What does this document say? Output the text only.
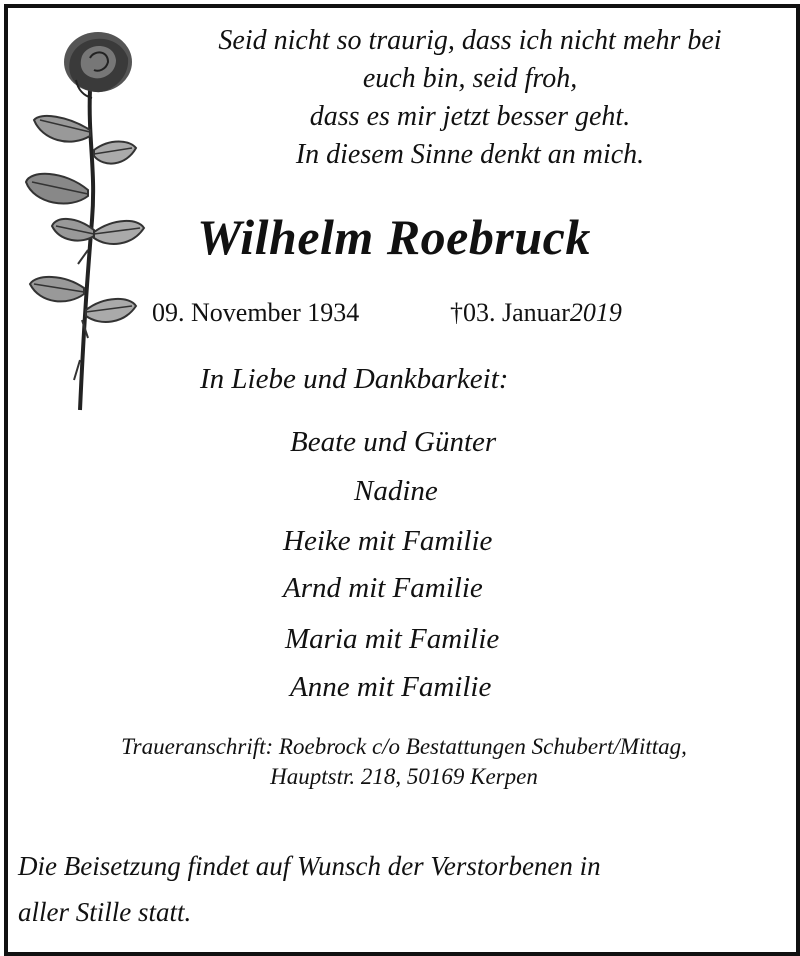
Seid nicht so traurig, dass ich nicht mehr bei
euch bin, seid froh,
dass es mir jetzt besser geht.
In diesem Sinne denkt an mich.
Wilhelm Roebruck
09. November 1934	†03. Januar2019
In Liebe und Dankbarkeit:
Beate und Günter
Nadine
Heike mit Familie
Arnd mit Familie
Maria mit Familie
Anne mit Familie
Traueranschrift: Roebrock c/o Bestattungen Schubert/Mittag,
Hauptstr. 218, 50169 Kerpen
Die Beisetzung findet auf Wunsch der Verstorbenen in
aller Stille statt.
